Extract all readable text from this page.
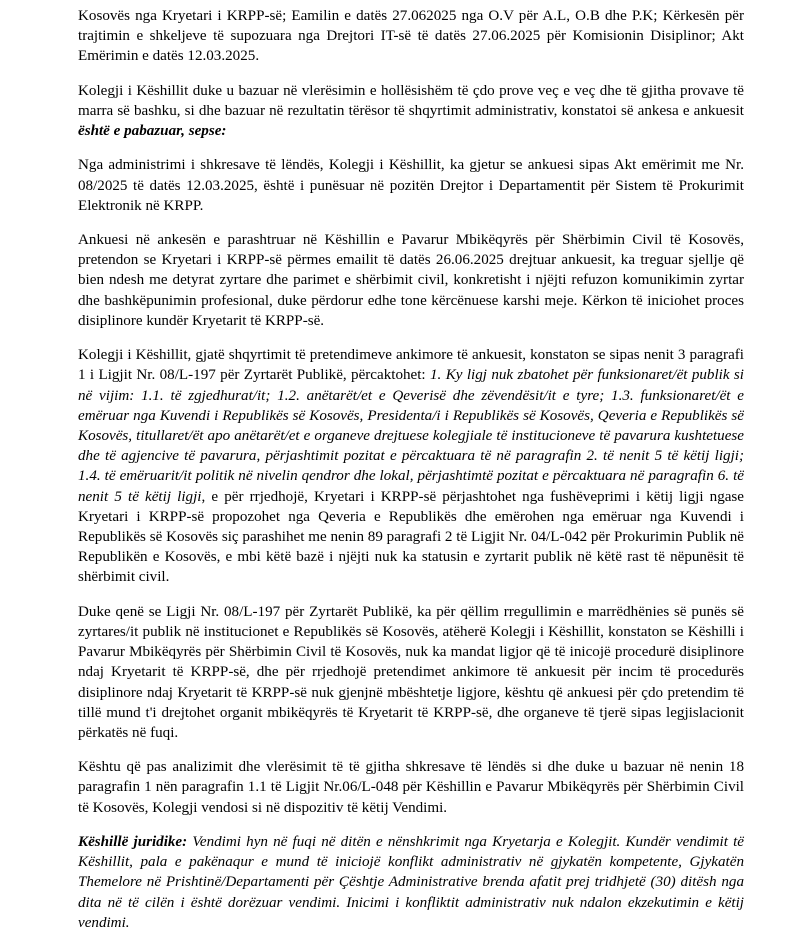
Kosovës nga Kryetari i KRPP-së; Eamilin e datës 27.062025 nga O.V për A.L, O.B dhe P.K; Kërkesën për trajtimin e shkeljeve të supozuara nga Drejtori IT-së të datës 27.06.2025 për Komisionin Disiplinor; Akt Emërimin e datës 12.03.2025.

Kolegji i Këshillit duke u bazuar në vlerësimin e hollësishëm të çdo prove veç e veç dhe të gjitha provave të marra së bashku, si dhe bazuar në rezultatin tërësor të shqyrtimit administrativ, konstatoi së ankesa e ankuesit është e pabazuar, sepse:

Nga administrimi i shkresave të lëndës, Kolegji i Këshillit, ka gjetur se ankuesi sipas Akt emërimit me Nr. 08/2025 të datës 12.03.2025, është i punësuar në pozitën Drejtor i Departamentit për Sistem të Prokurimit Elektronik në KRPP.

Ankuesi në ankesën e parashtruar në Këshillin e Pavarur Mbikëqyrës për Shërbimin Civil të Kosovës, pretendon se Kryetari i KRPP-së përmes emailit të datës 26.06.2025 drejtuar ankuesit, ka treguar sjellje që bien ndesh me detyrat zyrtare dhe parimet e shërbimit civil, konkretisht i njëjti refuzon komunikimin zyrtar dhe bashkëpunimin profesional, duke përdorur edhe tone kërcënuese karshi meje. Kërkon të iniciohet proces disiplinore kundër Kryetarit të KRPP-së.

Kolegji i Këshillit, gjatë shqyrtimit të pretendimeve ankimore të ankuesit, konstaton se sipas nenit 3 paragrafi 1 i Ligjit Nr. 08/L-197 për Zyrtarët Publikë, përcaktohet: 1. Ky ligj nuk zbatohet për funksionaret/ët publik si në vijim: 1.1. të zgjedhurat/it; 1.2. anëtarët/et e Qeverisë dhe zëvendësit/it e tyre; 1.3. funksionaret/ët e emëruar nga Kuvendi i Republikës së Kosovës, Presidenta/i i Republikës së Kosovës, Qeveria e Republikës së Kosovës, titullaret/ët apo anëtarët/et e organeve drejtuese kolegjiale të institucioneve të pavarura kushtetuese dhe të agjencive të pavarura, përjashtimit pozitat e përcaktuara të në paragrafin 2. të nenit 5 të këtij ligji; 1.4. të emëruarit/it politik në nivelin qendror dhe lokal, përjashtimtë pozitat e përcaktuara në paragrafin 6. të nenit 5 të këtij ligji, e për rrjedhojë, Kryetari i KRPP-së përjashtohet nga fushëveprimi i këtij ligji ngase Kryetari i KRPP-së propozohet nga Qeveria e Republikës dhe emërohen nga emëruar nga Kuvendi i Republikës së Kosovës siç parashihet me nenin 89 paragrafi 2 të Ligjit Nr. 04/L-042 për Prokurimin Publik në Republikën e Kosovës, e mbi këtë bazë i njëjti nuk ka statusin e zyrtarit publik në këtë rast të nëpunësit të shërbimit civil.

Duke qenë se Ligji Nr. 08/L-197 për Zyrtarët Publikë, ka për qëllim rregullimin e marrëdhënies së punës së zyrtares/it publik në institucionet e Republikës së Kosovës, atëherë Kolegji i Këshillit, konstaton se Këshilli i Pavarur Mbikëqyrës për Shërbimin Civil të Kosovës, nuk ka mandat ligjor që të inicojë procedurë disiplinore ndaj Kryetarit të KRPP-së, dhe për rrjedhojë pretendimet ankimore të ankuesit për incim të procedurës disiplinore ndaj Kryetarit të KRPP-së nuk gjenjnë mbështetje ligjore, kështu që ankuesi për çdo pretendim të tillë mund t'i drejtohet organit mbikëqyrës të Kryetarit të KRPP-së, dhe organeve të tjerë sipas legjislacionit përkatës në fuqi.

Kështu që pas analizimit dhe vlerësimit të të gjitha shkresave të lëndës si dhe duke u bazuar në nenin 18 paragrafin 1 nën paragrafin 1.1 të Ligjit Nr.06/L-048 për Këshillin e Pavarur Mbikëqyrës për Shërbimin Civil të Kosovës, Kolegji vendosi si në dispozitiv të këtij Vendimi.

Këshillë juridike: Vendimi hyn në fuqi në ditën e nënshkrimit nga Kryetarja e Kolegjit. Kundër vendimit të Këshillit, pala e pakënaqur e mund të iniciojë konflikt administrativ në gjykatën kompetente, Gjykatën Themelore në Prishtinë/Departamenti për Çështje Administrative brenda afatit prej tridhjetë (30) ditësh nga dita në të cilën i është dorëzuar vendimi. Inicimi i konfliktit administrativ nuk ndalon ekzekutimin e këtij vendimi.
